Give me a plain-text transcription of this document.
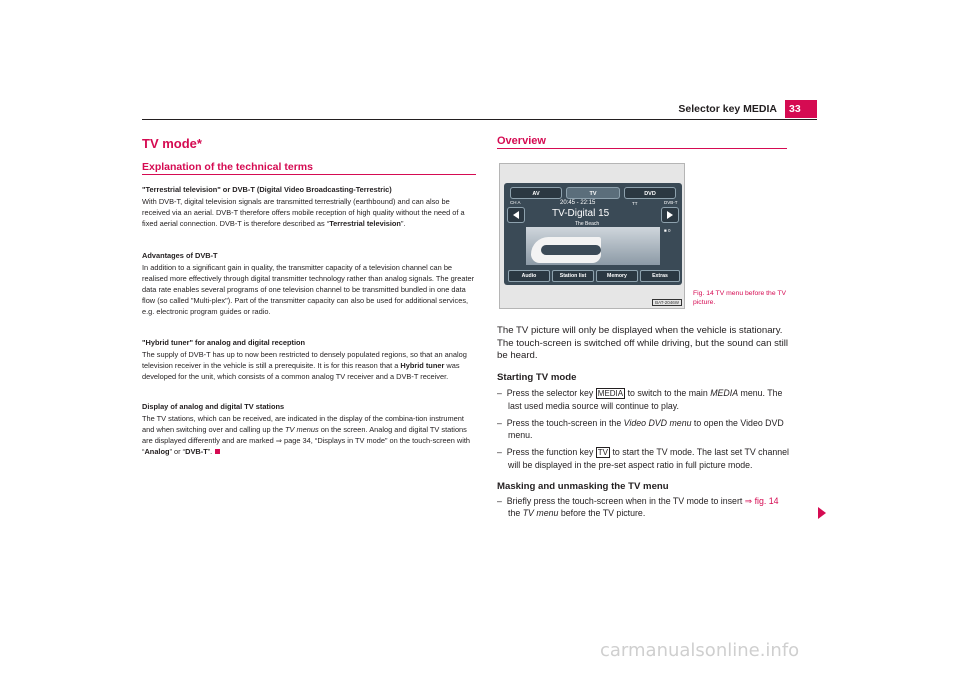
Selector key MEDIA	33
TV mode*
Explanation of the technical terms
"Terrestrial television" or DVB-T (Digital Video Broadcasting-Terrestric)
With DVB-T, digital television signals are transmitted terrestrially (earthbound) and can also be received via an aerial. DVB-T therefore offers mobile reception of high quality without the need of a fixed aerial connection. DVB-T is therefore described as “Terrestrial television”.
Advantages of DVB-T
In addition to a significant gain in quality, the transmitter capacity of a television channel can be realised more effectively through digital transmitter technology rather than analog signals. The greater data rate enables several programs of one television channel to be transmitted bundled in one data flow (so called "Multi-plex"). Part of the transmitter capacity can also be used for additional services, e.g. electronic program guides or radio.
"Hybrid tuner" for analog and digital reception
The supply of DVB-T has up to now been restricted to densely populated regions, so that an analog television receiver in the vehicle is still a prerequisite. It is for this reason that a Hybrid tuner was developed for the unit, which consists of a common analog TV receiver and a DVB-T receiver.
Display of analog and digital TV stations
The TV stations, which can be received, are indicated in the display of the combina-tion instrument and when switching over and calling up the TV menus on the screen. Analog and digital TV stations are displayed differently and are marked ⇒ page 34, “Displays in TV mode” on the touch-screen with “Analog” or “DVB-T”.
Overview
AV	TV	DVD
CH A	DVB-T
20:45 - 22:15	TT
TV-Digital 15
The Beach
■ 0
Audio	Station list	Memory	Extras
BAT-2046W
Fig. 14 TV menu before the TV picture.
The TV picture will only be displayed when the vehicle is stationary. The touch-screen is switched off while driving, but the sound can still be heard.
Starting TV mode
– Press the selector key MEDIA to switch to the main MEDIA menu. The last used media source will continue to play.
– Press the touch-screen in the Video DVD menu to open the Video DVD menu.
– Press the function key TV to start the TV mode. The last set TV channel will be displayed in the pre-set aspect ratio in full picture mode.
Masking and unmasking the TV menu
– Briefly press the touch-screen when in the TV mode to insert ⇒ fig. 14 the TV menu before the TV picture.
carmanualsonline.info
